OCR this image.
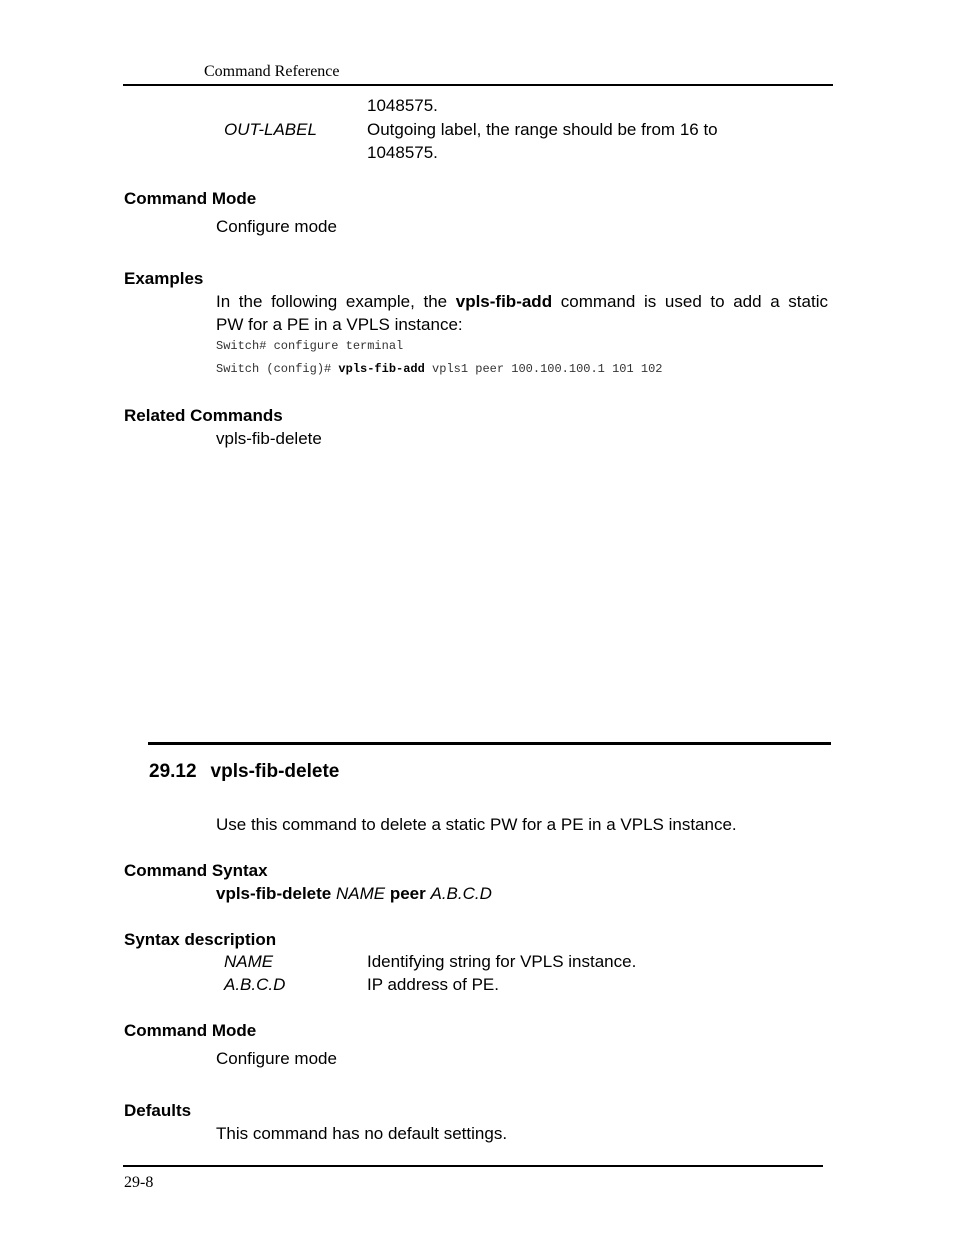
Command Reference
1048575.
OUT-LABEL	Outgoing label, the range should be from 16 to
1048575.
Command Mode
Configure mode
Examples
In the following example, the vpls-fib-add command is used to add a static
PW for a PE in a VPLS instance:
Switch# configure terminal
Switch (config)# vpls-fib-add vpls1 peer 100.100.100.1 101 102
Related Commands
vpls-fib-delete
29.12 vpls-fib-delete
Use this command to delete a static PW for a PE in a VPLS instance.
Command Syntax
vpls-fib-delete NAME peer A.B.C.D
Syntax description
NAME	Identifying string for VPLS instance.
A.B.C.D	IP address of PE.
Command Mode
Configure mode
Defaults
This command has no default settings.
29-8
